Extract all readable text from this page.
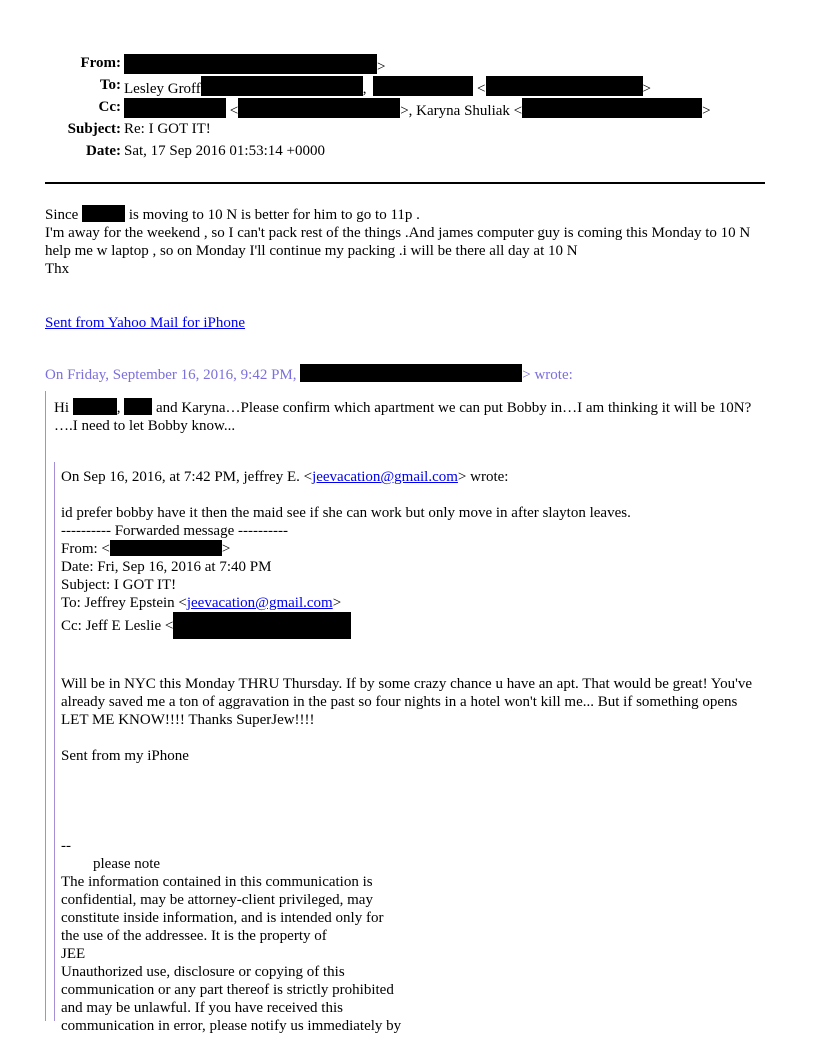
From:	>
To: Lesley Groff	,	<	>
Cc:	<	>, Karyna Shuliak <	>
Subject: Re: I GOT IT!
Date: Sat, 17 Sep 2016 01:53:14 +0000
Since	is moving to 10 N is better for him to go to 11p .
I'm away for the weekend , so I can't pack rest of the things .And james computer guy is coming this Monday to 10 N help me w laptop , so on Monday I'll continue my packing .i will be there all day at 10 N
Thx
Sent from Yahoo Mail for iPhone
On Friday, September 16, 2016, 9:42 PM,	> wrote:
Hi	, and Karyna…Please confirm which apartment we can put Bobby in…I am thinking it will be 10N? ….I need to let Bobby know...
On Sep 16, 2016, at 7:42 PM, jeffrey E. <jeevacation@gmail.com> wrote:
id prefer bobby have it then the maid see if she can work but only move in after slayton leaves.
---------- Forwarded message ----------
From: <	>
Date: Fri, Sep 16, 2016 at 7:40 PM
Subject: I GOT IT!
To: Jeffrey Epstein <jeevacation@gmail.com>
Cc: Jeff E Leslie <
Will be in NYC this Monday THRU Thursday. If by some crazy chance u have an apt. That would be great! You've already saved me a ton of aggravation in the past so four nights in a hotel won't kill me... But if something opens LET ME KNOW!!!! Thanks SuperJew!!!!
Sent from my iPhone
--
please note
The information contained in this communication is
confidential, may be attorney-client privileged, may
constitute inside information, and is intended only for
the use of the addressee. It is the property of
JEE
Unauthorized use, disclosure or copying of this
communication or any part thereof is strictly prohibited
and may be unlawful. If you have received this
communication in error, please notify us immediately by
